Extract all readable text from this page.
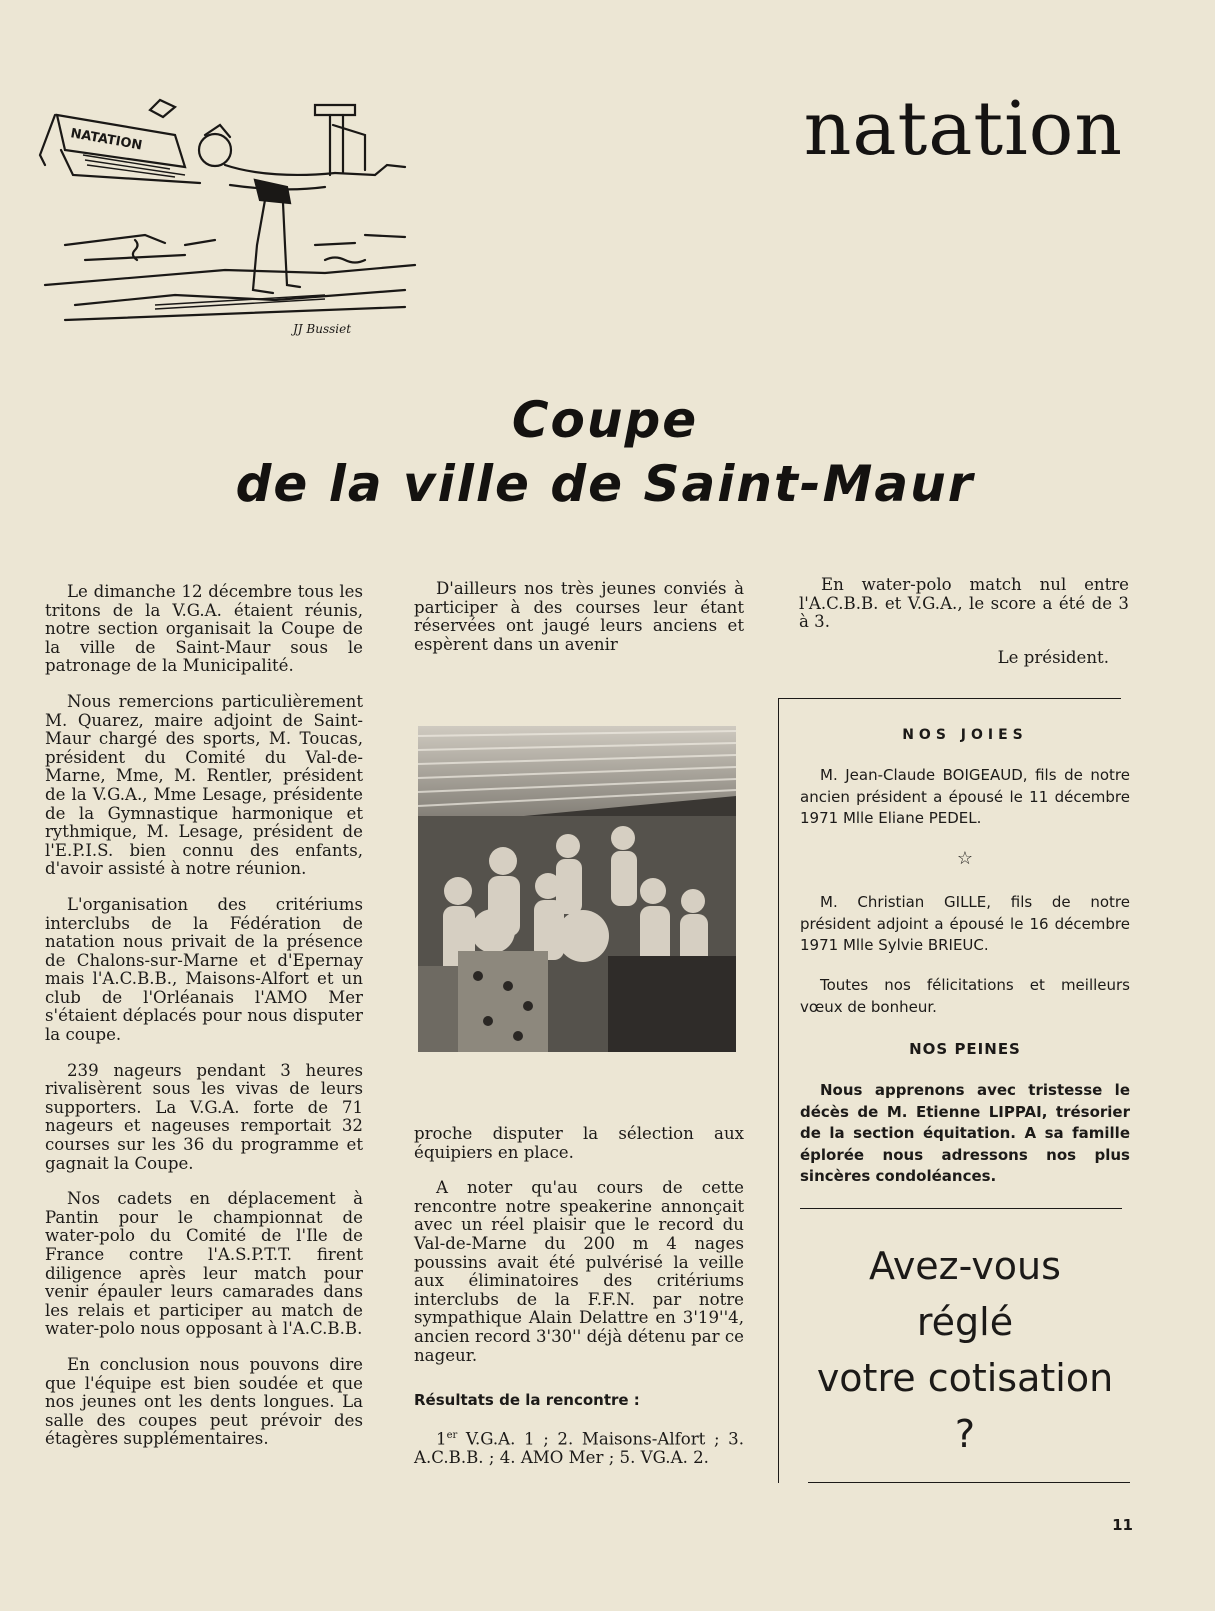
NATATION
JJ Bussiet
natation
Coupe
de la ville de Saint-Maur

Le dimanche 12 décembre tous les tritons de la V.G.A. étaient réunis, notre section organisait la Coupe de la ville de Saint-Maur sous le patronage de la Municipalité.

Nous remercions particulièrement M. Quarez, maire adjoint de Saint-Maur chargé des sports, M. Toucas, président du Comité du Val-de-Marne, Mme, M. Rentler, président de la V.G.A., Mme Lesage, présidente de la Gymnastique harmonique et rythmique, M. Lesage, président de l'E.P.I.S. bien connu des enfants, d'avoir assisté à notre réunion.

L'organisation des critériums interclubs de la Fédération de natation nous privait de la présence de Chalons-sur-Marne et d'Epernay mais l'A.C.B.B., Maisons-Alfort et un club de l'Orléanais l'AMO Mer s'étaient déplacés pour nous disputer la coupe.

239 nageurs pendant 3 heures rivalisèrent sous les vivas de leurs supporters. La V.G.A. forte de 71 nageurs et nageuses remportait 32 courses sur les 36 du programme et gagnait la Coupe.

Nos cadets en déplacement à Pantin pour le championnat de water-polo du Comité de l'Ile de France contre l'A.S.P.T.T. firent diligence après leur match pour venir épauler leurs camarades dans les relais et participer au match de water-polo nous opposant à l'A.C.B.B.

En conclusion nous pouvons dire que l'équipe est bien soudée et que nos jeunes ont les dents longues. La salle des coupes peut prévoir des étagères supplémentaires.

D'ailleurs nos très jeunes conviés à participer à des courses leur étant réservées ont jaugé leurs anciens et espèrent dans un avenir

proche disputer la sélection aux équipiers en place.

A noter qu'au cours de cette rencontre notre speakerine annonçait avec un réel plaisir que le record du Val-de-Marne du 200 m 4 nages poussins avait été pulvérisé la veille aux éliminatoires des critériums interclubs de la F.F.N. par notre sympathique Alain Delattre en 3'19''4, ancien record 3'30'' déjà détenu par ce nageur.

Résultats de la rencontre :

1er V.G.A. 1 ; 2. Maisons-Alfort ; 3. A.C.B.B. ; 4. AMO Mer ; 5. VG.A. 2.

En water-polo match nul entre l'A.C.B.B. et V.G.A., le score a été de 3 à 3.

Le président.

NOS JOIES
M. Jean-Claude BOIGEAUD, fils de notre ancien président a épousé le 11 décembre 1971 Mlle Eliane PEDEL.
☆
M. Christian GILLE, fils de notre président adjoint a épousé le 16 décembre 1971 Mlle Sylvie BRIEUC.
Toutes nos félicitations et meilleurs vœux de bonheur.
NOS PEINES
Nous apprenons avec tristesse le décès de M. Etienne LIPPAI, trésorier de la section équitation. A sa famille éplorée nous adressons nos plus sincères condoléances.
Avez-vous
réglé
votre cotisation
?
11
